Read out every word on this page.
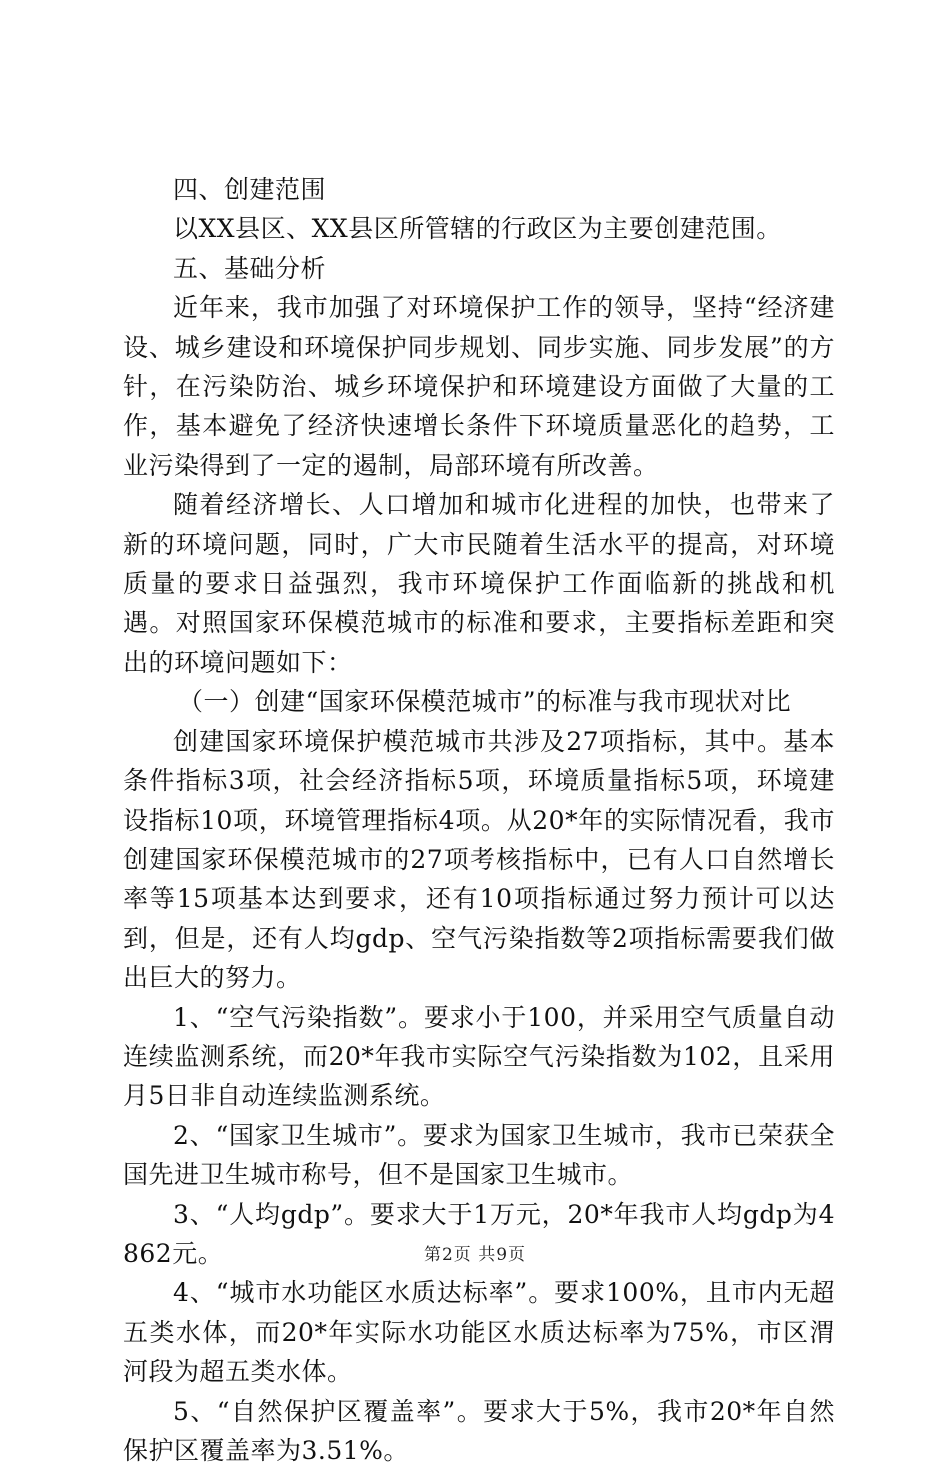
四、创建范围

以XX县区、XX县区所管辖的行政区为主要创建范围。

五、基础分析

近年来，我市加强了对环境保护工作的领导，坚持“经济建设、城乡建设和环境保护同步规划、同步实施、同步发展”的方针，在污染防治、城乡环境保护和环境建设方面做了大量的工作，基本避免了经济快速增长条件下环境质量恶化的趋势，工业污染得到了一定的遏制，局部环境有所改善。

随着经济增长、人口增加和城市化进程的加快，也带来了新的环境问题，同时，广大市民随着生活水平的提高，对环境质量的要求日益强烈，我市环境保护工作面临新的挑战和机遇。对照国家环保模范城市的标准和要求，主要指标差距和突出的环境问题如下：

（一）创建“国家环保模范城市”的标准与我市现状对比

创建国家环境保护模范城市共涉及27项指标，其中。基本条件指标3项，社会经济指标5项，环境质量指标5项，环境建设指标10项，环境管理指标4项。从20*年的实际情况看，我市创建国家环保模范城市的27项考核指标中，已有人口自然增长率等15项基本达到要求，还有10项指标通过努力预计可以达到，但是，还有人均gdp、空气污染指数等2项指标需要我们做出巨大的努力。

1、“空气污染指数”。要求小于100，并采用空气质量自动连续监测系统，而20*年我市实际空气污染指数为102，且采用月5日非自动连续监测系统。

2、“国家卫生城市”。要求为国家卫生城市，我市已荣获全国先进卫生城市称号，但不是国家卫生城市。

3、“人均gdp”。要求大于1万元，20*年我市人均gdp为4862元。

4、“城市水功能区水质达标率”。要求100%，且市内无超五类水体，而20*年实际水功能区水质达标率为75%，市区渭河段为超五类水体。

5、“自然保护区覆盖率”。要求大于5%，我市20*年自然保护区覆盖率为3.51%。

第2页 共9页
